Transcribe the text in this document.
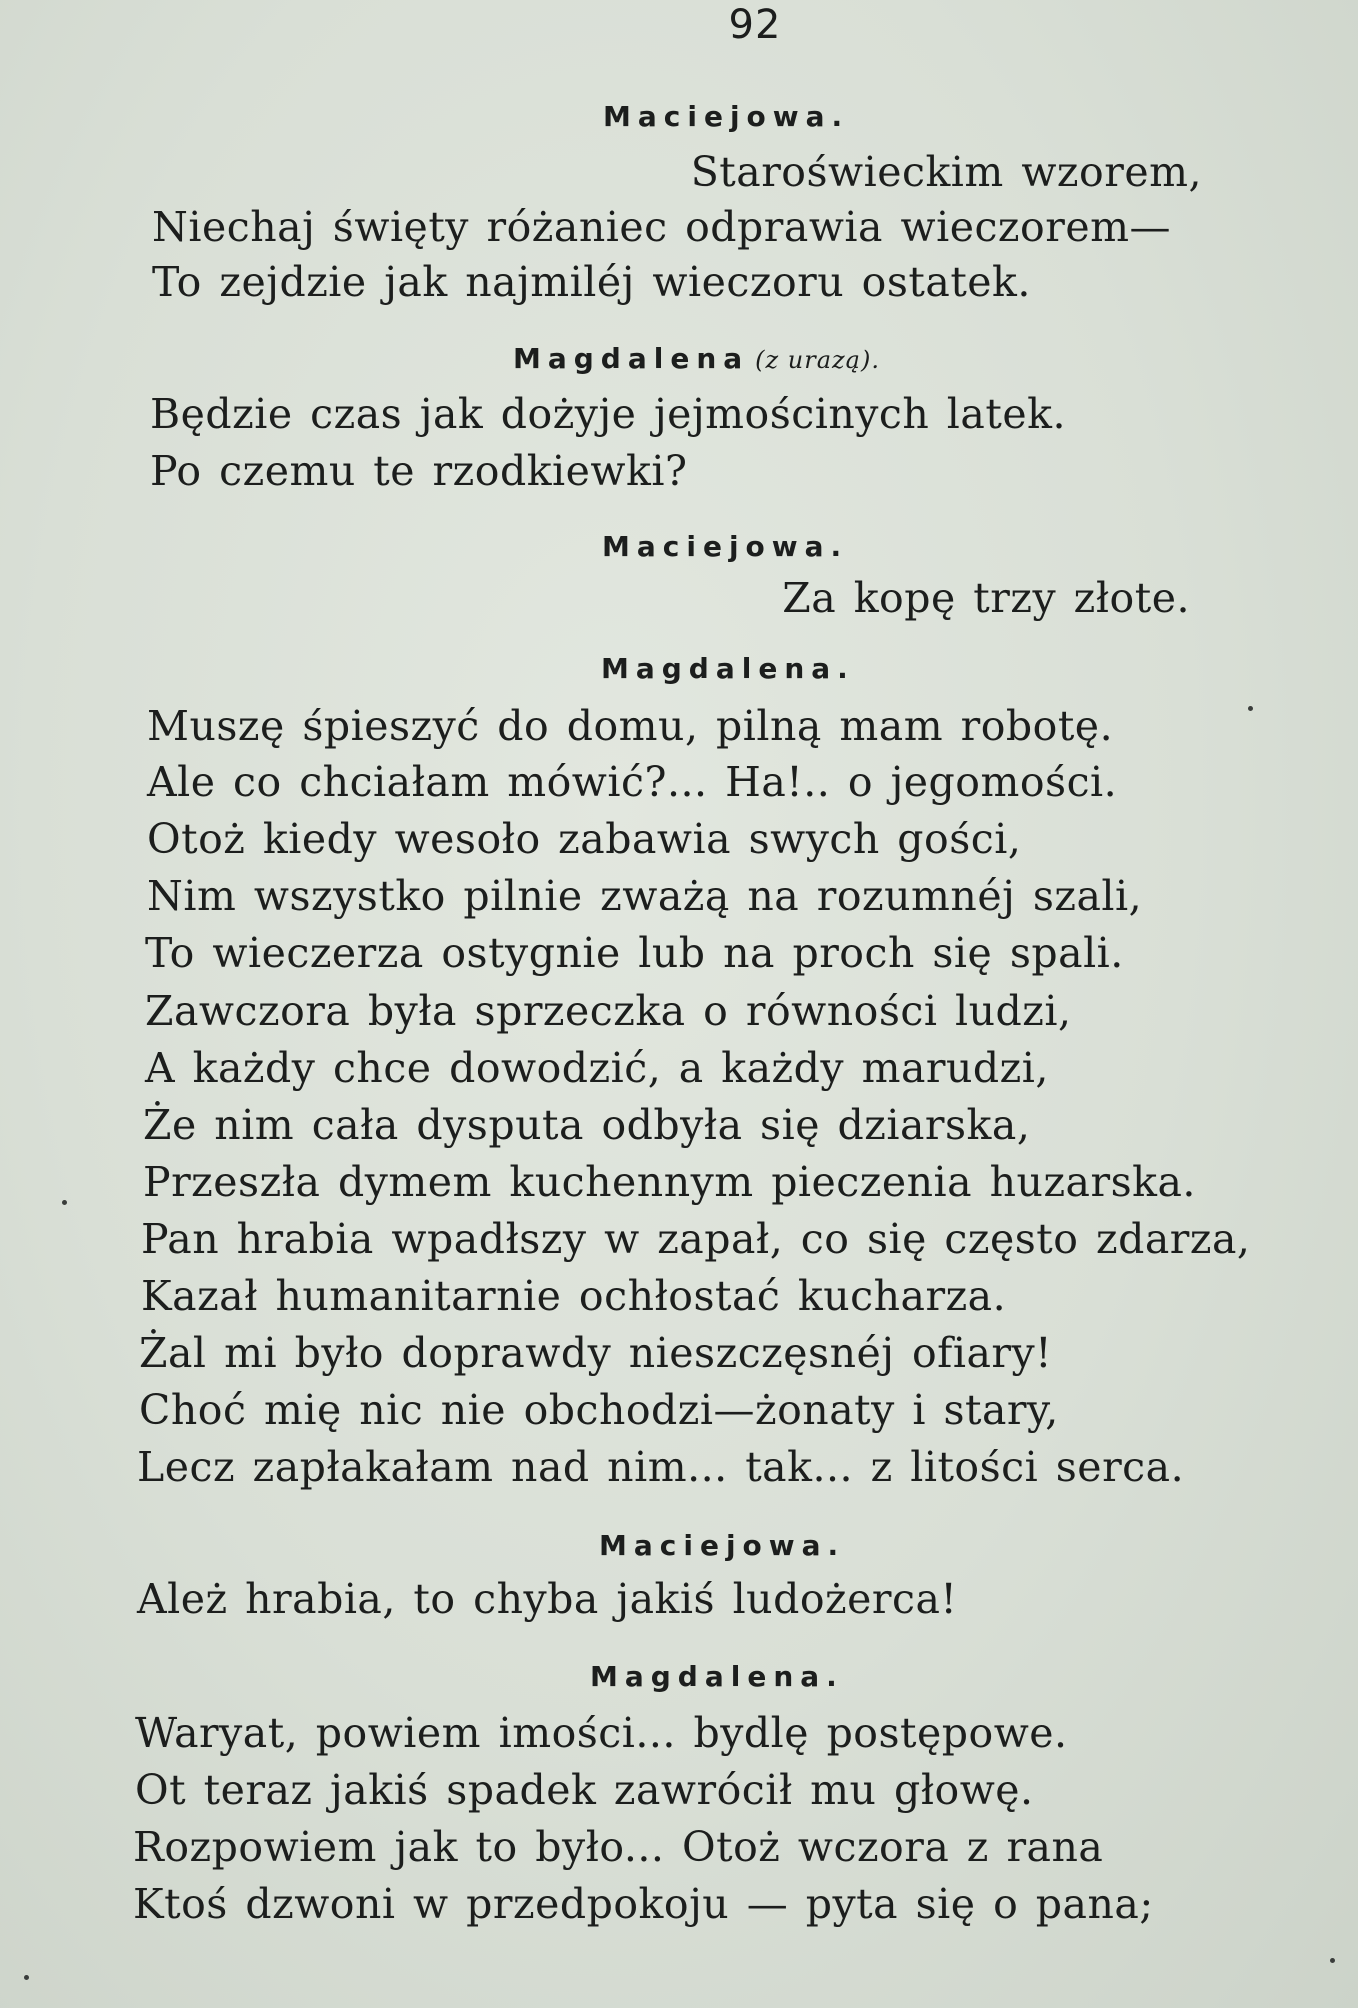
92
Maciejowa.
Staroświeckim wzorem,
Niechaj święty różaniec odprawia wieczorem—
To zejdzie jak najmiléj wieczoru ostatek.
Magdalena (z urazą).
Będzie czas jak dożyje jejmościnych latek.
Po czemu te rzodkiewki?
Maciejowa.
Za kopę trzy złote.
Magdalena.
Muszę śpieszyć do domu, pilną mam robotę.
Ale co chciałam mówić?... Ha!.. o jegomości.
Otoż kiedy wesoło zabawia swych gości,
Nim wszystko pilnie zważą na rozumnéj szali,
To wieczerza ostygnie lub na proch się spali.
Zawczora była sprzeczka o równości ludzi,
A każdy chce dowodzić, a każdy marudzi,
Że nim cała dysputa odbyła się dziarska,
Przeszła dymem kuchennym pieczenia huzarska.
Pan hrabia wpadłszy w zapał, co się często zdarza,
Kazał humanitarnie ochłostać kucharza.
Żal mi było doprawdy nieszczęsnéj ofiary!
Choć mię nic nie obchodzi—żonaty i stary,
Lecz zapłakałam nad nim... tak... z litości serca.
Maciejowa.
Ależ hrabia, to chyba jakiś ludożerca!
Magdalena.
Waryat, powiem imości... bydlę postępowe.
Ot teraz jakiś spadek zawrócił mu głowę.
Rozpowiem jak to było... Otoż wczora z rana
Ktoś dzwoni w przedpokoju — pyta się o pana;
